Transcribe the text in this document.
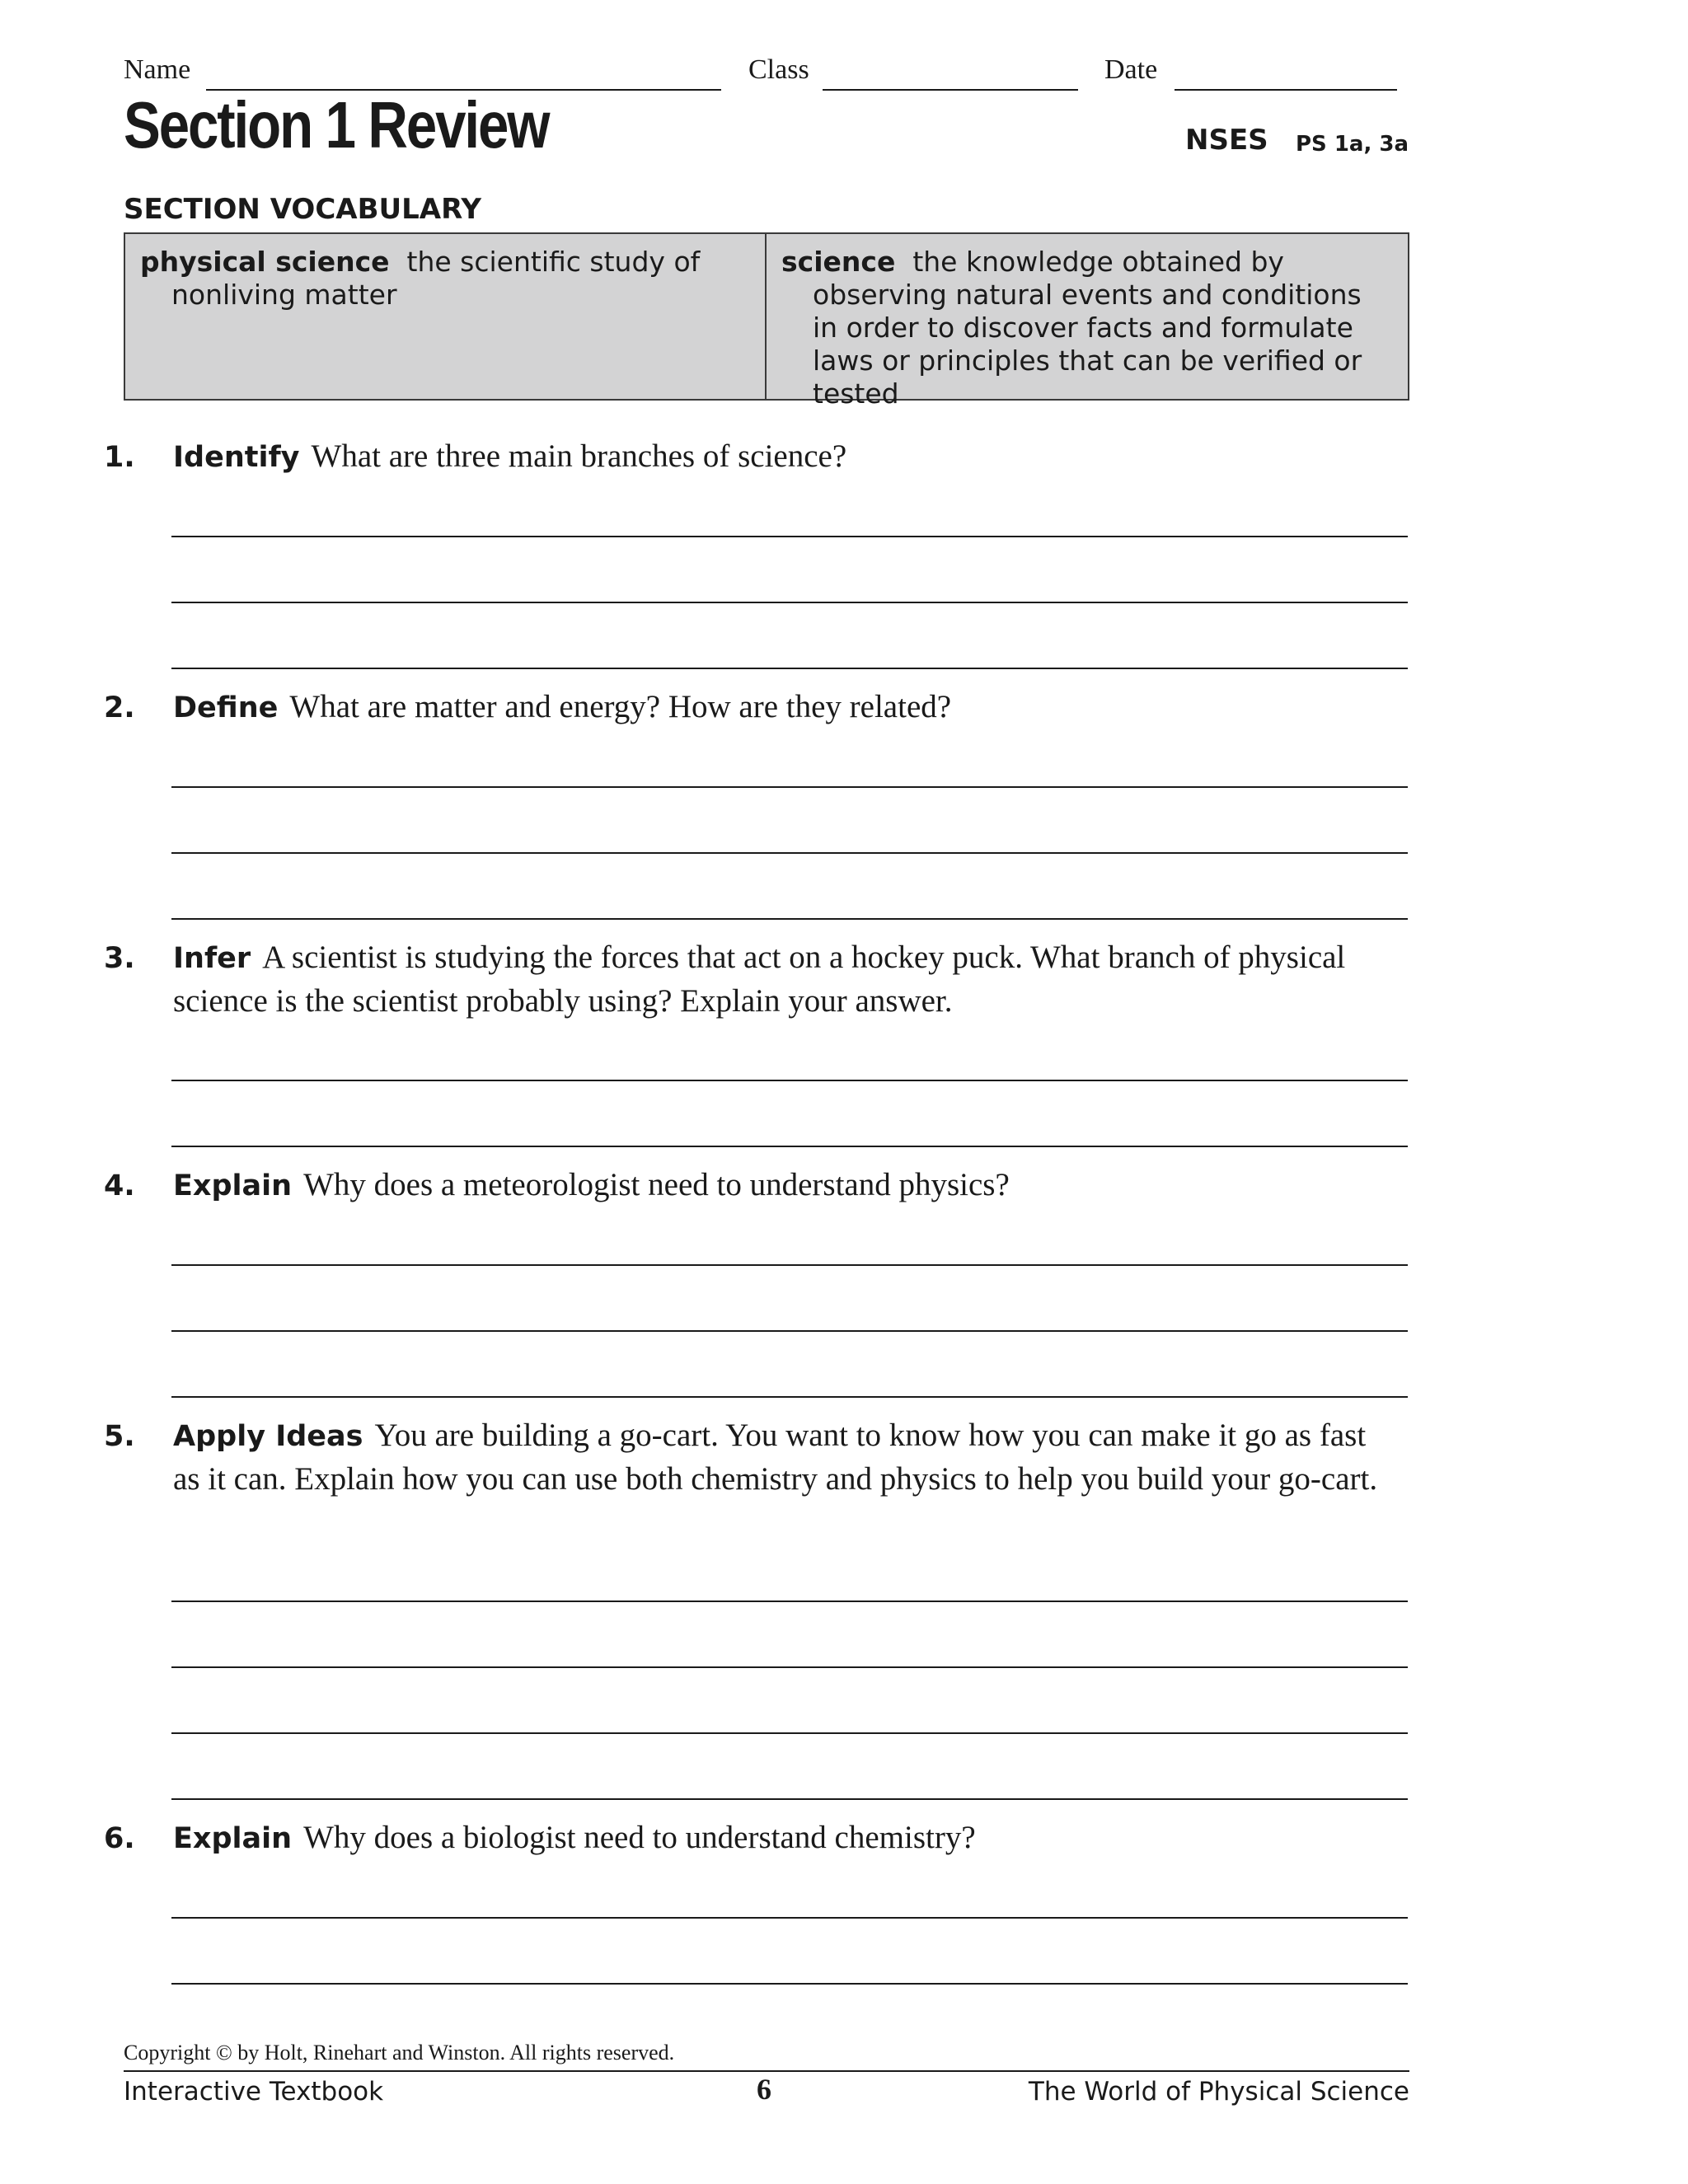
Name	Class	Date
Section 1 Review	NSES PS 1a, 3a
SECTION VOCABULARY
physical science the scientific study of nonliving matter
science the knowledge obtained by observing natural events and conditions in order to discover facts and formulate laws or principles that can be verified or tested
1. Identify What are three main branches of science?
2. Define What are matter and energy? How are they related?
3. Infer A scientist is studying the forces that act on a hockey puck. What branch of physical science is the scientist probably using? Explain your answer.
4. Explain Why does a meteorologist need to understand physics?
5. Apply Ideas You are building a go-cart. You want to know how you can make it go as fast as it can. Explain how you can use both chemistry and physics to help you build your go-cart.
6. Explain Why does a biologist need to understand chemistry?
Copyright © by Holt, Rinehart and Winston. All rights reserved.
Interactive Textbook	6	The World of Physical Science
